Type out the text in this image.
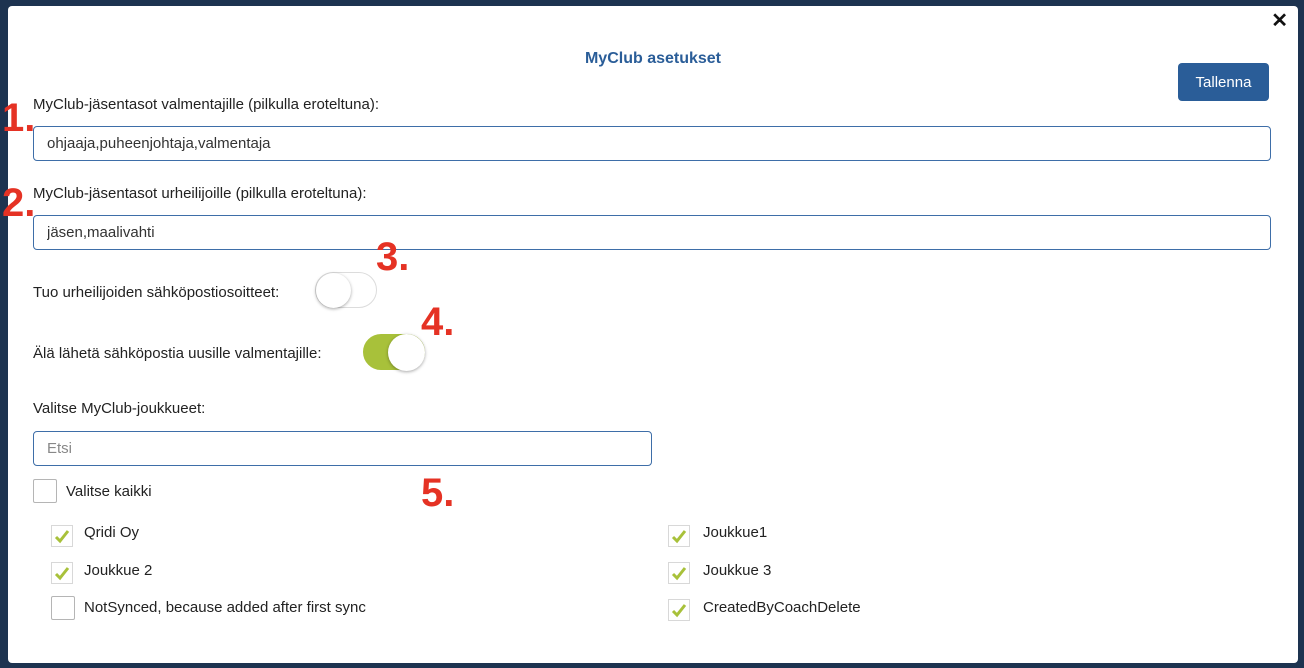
✕
MyClub asetukset
Tallenna
MyClub-jäsentasot valmentajille (pilkulla eroteltuna):
ohjaaja,puheenjohtaja,valmentaja
MyClub-jäsentasot urheilijoille (pilkulla eroteltuna):
jäsen,maalivahti
Tuo urheilijoiden sähköpostiosoitteet:
Älä lähetä sähköpostia uusille valmentajille:
Valitse MyClub-joukkueet:
Etsi
Valitse kaikki
Qridi Oy	Joukkue1
Joukkue 2	Joukkue 3
NotSynced, because added after first sync	CreatedByCoachDelete
1.
2.
3.
4.
5.
